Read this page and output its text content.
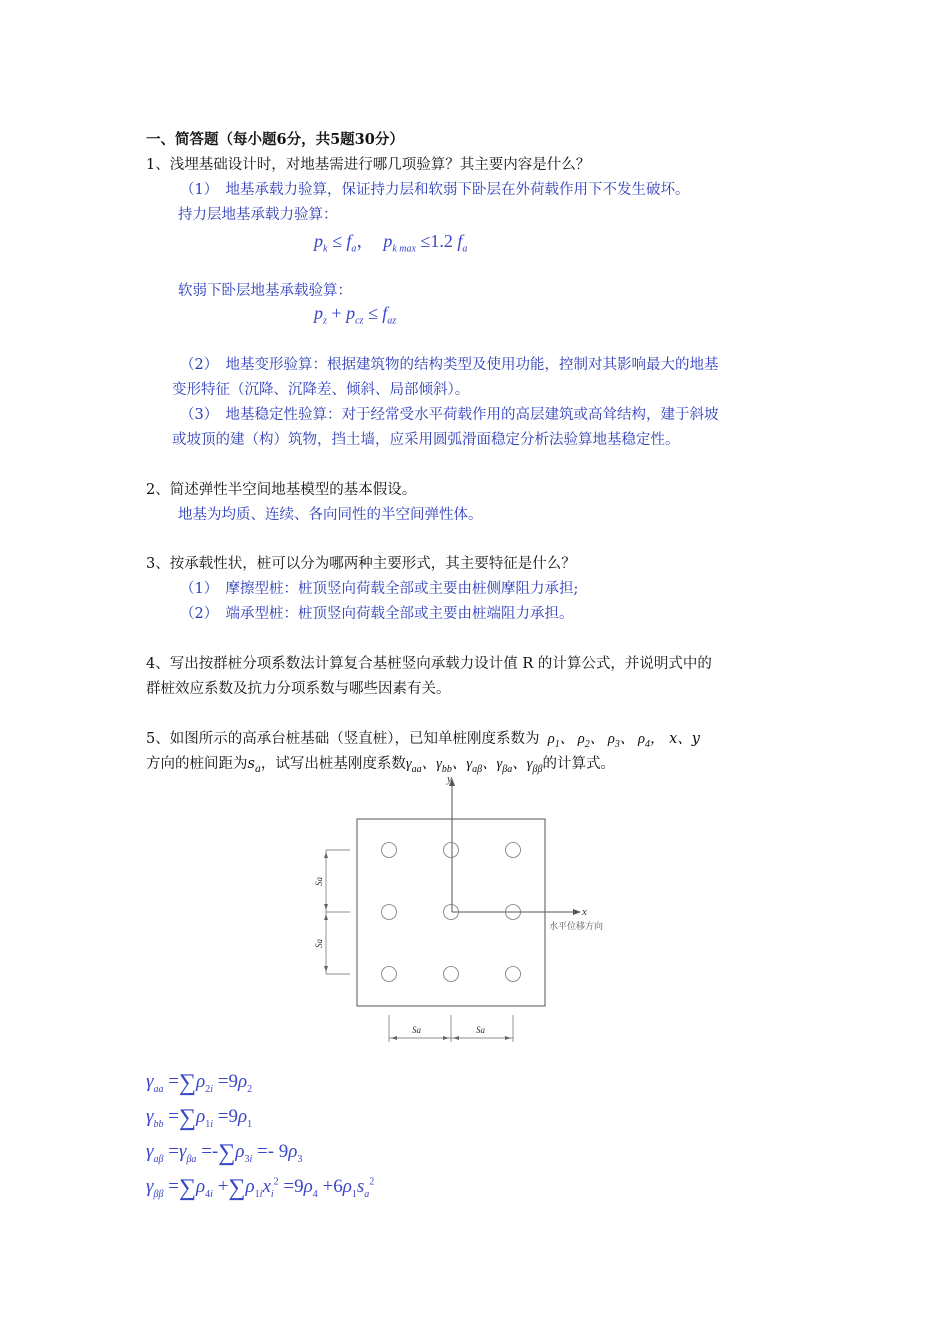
一、简答题（每小题6分，共5题30分）
1、浅埋基础设计时，对地基需进行哪几项验算？其主要内容是什么？
（1）　地基承载力验算，保证持力层和软弱下卧层在外荷载作用下不发生破坏。
持力层地基承载力验算：
$p_k \le f_a$，  $p_{k max} \le 1.2$ $f_a$
软弱下卧层地基承载验算：
$p_z + p_{cz} \le f_{az}$
（2）　地基变形验算：根据建筑物的结构类型及使用功能，控制对其影响最大的地基
变形特征（沉降、沉降差、倾斜、局部倾斜）。
（3）　地基稳定性验算：对于经常受水平荷载作用的高层建筑或高耸结构，建于斜坡
或坡顶的建（构）筑物，挡土墙，应采用圆弧滑面稳定分析法验算地基稳定性。
2、简述弹性半空间地基模型的基本假设。
地基为均质、连续、各向同性的半空间弹性体。
3、按承载性状，桩可以分为哪两种主要形式，其主要特征是什么？
（1）　摩擦型桩：桩顶竖向荷载全部或主要由桩侧摩阻力承担;
（2）　端承型桩：桩顶竖向荷载全部或主要由桩端阻力承担。
4、写出按群桩分项系数法计算复合基桩竖向承载力设计值 R 的计算公式，并说明式中的
群桩效应系数及抗力分项系数与哪些因素有关。
5、如图所示的高承台桩基础（竖直桩），已知单桩刚度系数为  $\rho_1$、 $\rho_2$、 $\rho_3$、 $\rho_4$， x、y
方向的桩间距为$s_a$，试写出桩基刚度系数$\gamma_{aa}$、$\gamma_{bb}$、$\gamma_{a\beta}$、$\gamma_{\beta a}$、$\gamma_{\beta\beta}$的计算式。
y
x
水平位移方向
Sa
Sa
Sa	Sa
$\gamma_{aa} =\sum\rho_{2i} =9\rho_2$
$\gamma_{bb} =\sum\rho_{1i} =9\rho_1$
$\gamma_{a\beta} =\gamma_{\beta a} =-\sum\rho_{3i} =- 9\rho_3$
$\gamma_{\beta\beta} =\sum\rho_{4i} +\sum\rho_{1i}x_i^2 =9\rho_4 +6\rho_1s_a^2$
